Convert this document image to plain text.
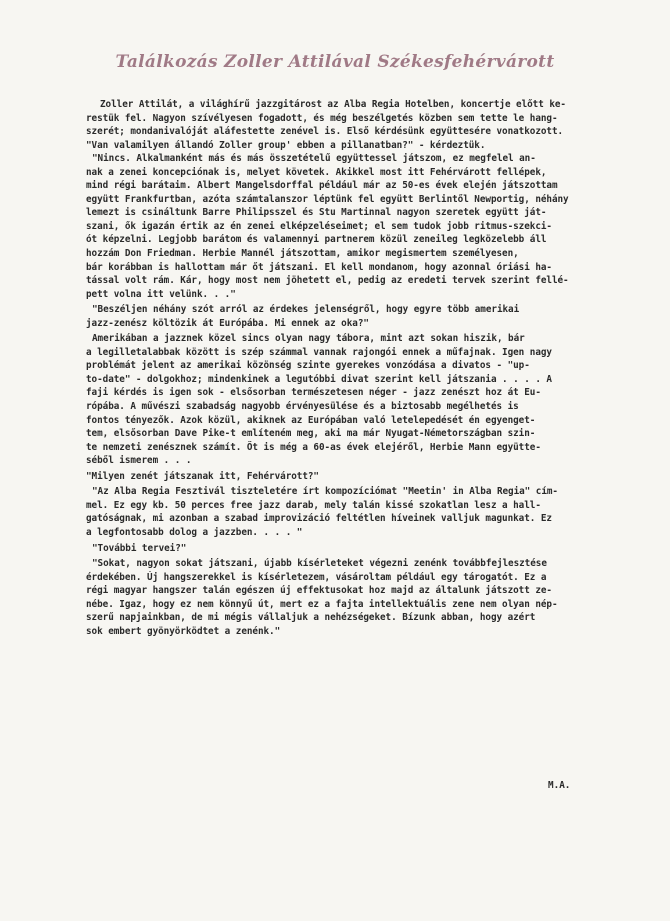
Találkozás Zoller Attilával Székesfehérvárott
Zoller Attilát, a világhírű jazzgitárost az Alba Regia Hotelben, koncertje előtt ke-
restük fel. Nagyon szívélyesen fogadott, és még beszélgetés közben sem tette le hang-
szerét; mondanivalóját aláfestette zenével is. Első kérdésünk együttesére vonatkozott.
"Van valamilyen állandó Zoller group' ebben a pillanatban?" - kérdeztük.
"Nincs. Alkalmanként más és más összetételű együttessel játszom, ez megfelel an-
nak a zenei koncepciónak is, melyet követek. Akikkel most itt Fehérvárott fellépek,
mind régi barátaim. Albert Mangelsdorffal például már az 50-es évek elején játszottam
együtt Frankfurtban, azóta számtalanszor léptünk fel együtt Berlintől Newportig, néhány
lemezt is csináltunk Barre Philipsszel és Stu Martinnal nagyon szeretek együtt ját-
szani, ők igazán értik az én zenei elképzeléseimet; el sem tudok jobb ritmus-szekci-
ót képzelni. Legjobb barátom és valamennyi partnerem közül zeneileg legközelebb áll
hozzám Don Friedman. Herbie Mannél játszottam, amikor megismertem személyesen,
bár korábban is hallottam már őt játszani. El kell mondanom, hogy azonnal óriási ha-
tással volt rám. Kár, hogy most nem jöhetett el, pedig az eredeti tervek szerint fellé-
pett volna itt velünk. . ."
"Beszéljen néhány szót arról az érdekes jelenségről, hogy egyre több amerikai
jazz-zenész költözik át Európába. Mi ennek az oka?"
Amerikában a jazznek közel sincs olyan nagy tábora, mint azt sokan hiszik, bár
a legilletalabbak között is szép számmal vannak rajongói ennek a műfajnak. Igen nagy
problémát jelent az amerikai közönség szinte gyerekes vonzódása a divatos - "up-
to-date" - dolgokhoz; mindenkinek a legutóbbi divat szerint kell játszania . . . . A
faji kérdés is igen sok - elsősorban természetesen néger - jazz zenészt hoz át Eu-
rópába. A művészi szabadság nagyobb érvényesülése és a biztosabb megélhetés is
fontos tényezők. Azok közül, akiknek az Európában való letelepedését én egyenget-
tem, elsősorban Dave Pike-t említeném meg, aki ma már Nyugat-Németországban szin-
te nemzeti zenésznek számít. Őt is még a 60-as évek elejéről, Herbie Mann együtte-
séből ismerem . . .
"Milyen zenét játszanak itt, Fehérvárott?"
"Az Alba Regia Fesztivál tiszteletére írt kompozíciómat "Meetin' in Alba Regia" cím-
mel. Ez egy kb. 50 perces free jazz darab, mely talán kissé szokatlan lesz a hall-
gatóságnak, mi azonban a szabad improvizáció feltétlen híveinek valljuk magunkat. Ez
a legfontosabb dolog a jazzben. . . . "
"További tervei?"
"Sokat, nagyon sokat játszani, újabb kísérleteket végezni zenénk továbbfejlesztése
érdekében. Új hangszerekkel is kísérletezem, vásároltam például egy tárogatót. Ez a
régi magyar hangszer talán egészen új effektusokat hoz majd az általunk játszott ze-
nébe. Igaz, hogy ez nem könnyű út, mert ez a fajta intellektuális zene nem olyan nép-
szerű napjainkban, de mi mégis vállaljuk a nehézségeket. Bízunk abban, hogy azért
sok embert gyönyörködtet a zenénk."
M.A.
